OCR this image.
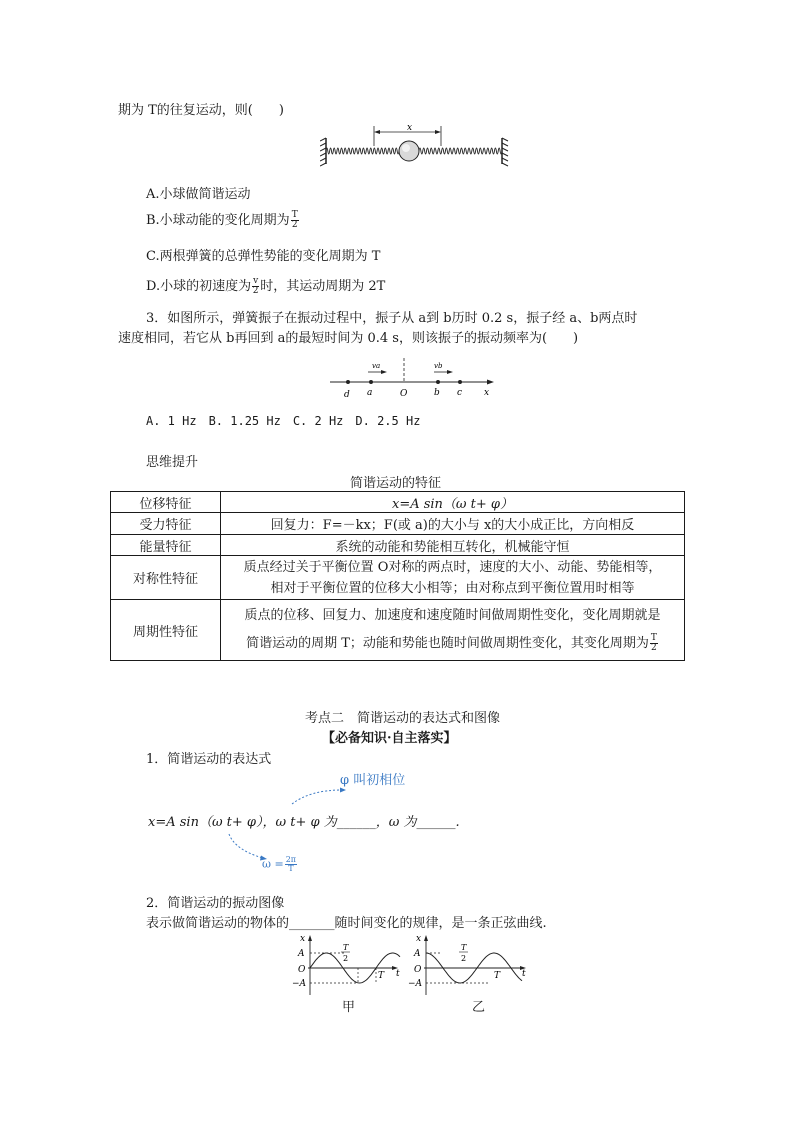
期为 T的往复运动，则(　　)
x
A.小球做简谐运动
B.小球动能的变化周期为 $\frac{T}{2}$
C.两根弹簧的总弹性势能的变化周期为 T
D.小球的初速度为 $\frac{v}{2}$ 时，其运动周期为 2T
3．如图所示，弹簧振子在振动过程中，振子从 a到 b历时 0.2 s，振子经 a、b两点时
速度相同，若它从 b再回到 a的最短时间为 0.4 s，则该振子的振动频率为(　　)
va	vb
d a	O	b c x
A. 1 Hz　B. 1.25 Hz　C. 2 Hz　D. 2.5 Hz
思维提升
简谐运动的特征
位移特征	x=A sin（ω t+ φ）
受力特征	回复力：F=－kx；F(或 a)的大小与 x的大小成正比，方向相反
能量特征	系统的动能和势能相互转化，机械能守恒
对称性特征	质点经过关于平衡位置 O对称的两点时，速度的大小、动能、势能相等，
相对于平衡位置的位移大小相等；由对称点到平衡位置用时相等

周期性特征	质点的位移、回复力、加速度和速度随时间做周期性变化，变化周期就是
简谐运动的周期 T；动能和势能也随时间做周期性变化，其变化周期为 $\frac{T}{2}$
考点二　简谐运动的表达式和图像
【必备知识·自主落实】
1．简谐运动的表达式
φ 叫初相位
x=A sin（ω t+ φ），ω t+ φ 为______，ω 为______.
$\omega = \frac{2\pi}{T}$
2．简谐运动的振动图像
表示做简谐运动的物体的_______随时间变化的规律，是一条正弦曲线.
x
A
O
−A
T
2
T t
甲
x
A
O
−A
T
2
T t
乙
